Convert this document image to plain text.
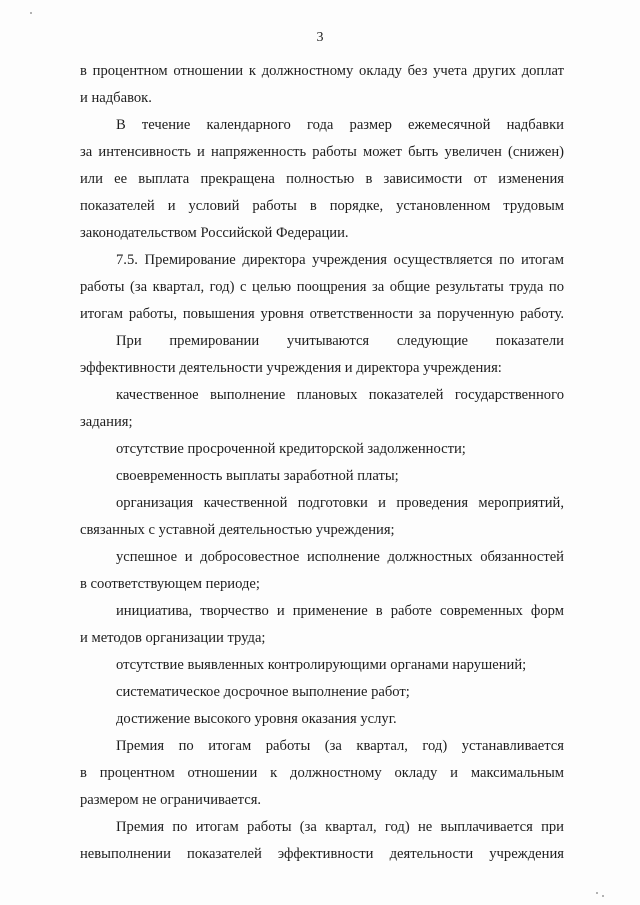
3
в процентном отношении к должностному окладу без учета других доплат
и надбавок.
В течение календарного года размер ежемесячной надбавки
за интенсивность и напряженность работы может быть увеличен (снижен)
или ее выплата прекращена полностью в зависимости от изменения
показателей и условий работы в порядке, установленном трудовым
законодательством Российской Федерации.
7.5. Премирование директора учреждения осуществляется по итогам
работы (за квартал, год) с целью поощрения за общие результаты труда по
итогам работы, повышения уровня ответственности за порученную работу.
При премировании учитываются следующие показатели
эффективности деятельности учреждения и директора учреждения:
качественное выполнение плановых показателей государственного
задания;
отсутствие просроченной кредиторской задолженности;
своевременность выплаты заработной платы;
организация качественной подготовки и проведения мероприятий,
связанных с уставной деятельностью учреждения;
успешное и добросовестное исполнение должностных обязанностей
в соответствующем периоде;
инициатива, творчество и применение в работе современных форм
и методов организации труда;
отсутствие выявленных контролирующими органами нарушений;
систематическое досрочное выполнение работ;
достижение высокого уровня оказания услуг.
Премия по итогам работы (за квартал, год) устанавливается
в процентном отношении к должностному окладу и максимальным
размером не ограничивается.
Премия по итогам работы (за квартал, год) не выплачивается при
невыполнении показателей эффективности деятельности учреждения
